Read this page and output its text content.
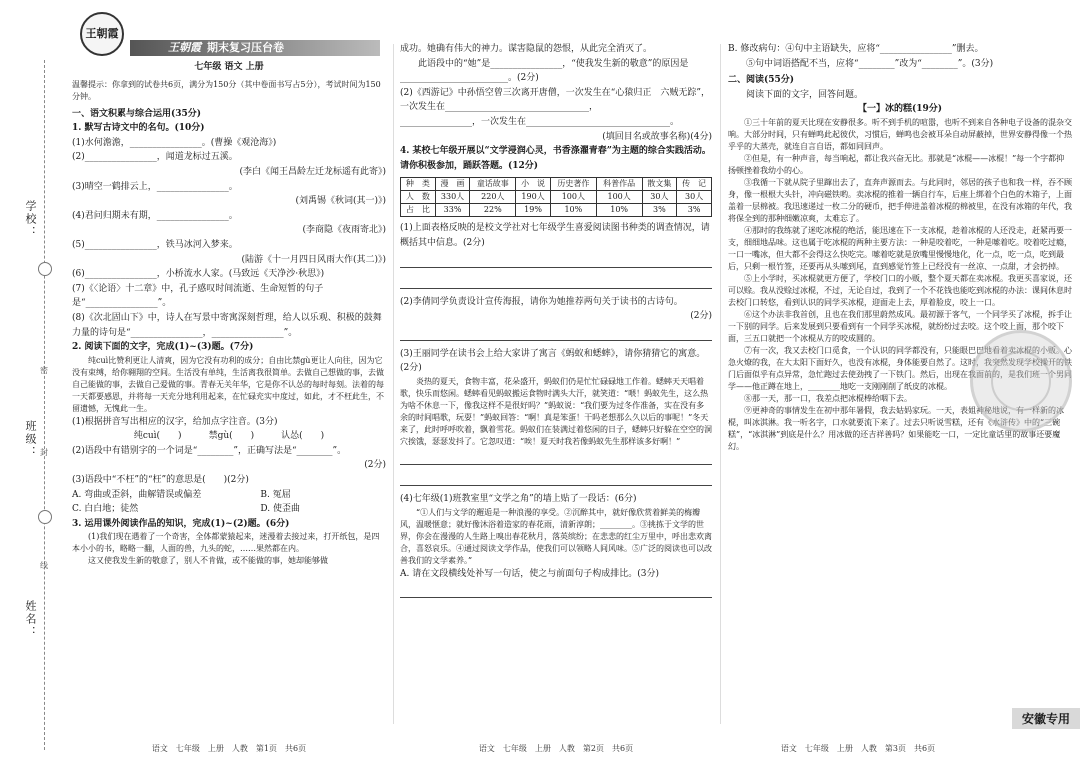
学校：
班级：
姓名：
密
封
线
王朝霞
王朝霞 期末复习压台卷
七年级 语文 上册
温馨提示：你拿到的试卷共6页，满分为150分（其中卷面书写占5分），考试时间为150分钟。
一、语文积累与综合运用(35分)
1. 默写古诗文中的名句。(10分)
(1)水何澹澹，________________。(曹操《观沧海》)
(2)________________，闻道龙标过五溪。
(李白《闻王昌龄左迁龙标遥有此寄》)
(3)晴空一鹤排云上，________________。
(刘禹锡《秋词(其一)》)
(4)君问归期未有期，________________。
(李商隐《夜雨寄北》)
(5)________________，铁马冰河入梦来。
(陆游《十一月四日风雨大作(其二)》)
(6)________________，小桥流水人家。(马致远《天净沙·秋思》)
(7)《〈论语〉十二章》中，孔子感叹时间流逝、生命短暂的句子是“________________”。
(8)《次北固山下》中，诗人在写景中寄寓深刻哲理，给人以乐观、积极的鼓舞力量的诗句是“________________，________________”。
2. 阅读下面的文字，完成(1)~(3)题。(7分)
纯cuì比赞利更让人清爽，因为它没有功利的成分；自由比禁gù更让人向往，因为它没有束缚，给你翱翔的空间。生活没有单纯，生活离我很简单。去做自己想做的事，去做自己能做的事，去做自己爱做的事。青春无关年华，它是你不认怂的每时每刻。法着的每一天都要感恩，并将每一天充分地利用起来，在忙碌充实中度过，如此，才不枉此生，不留遗憾，无愧此一生。
(1)根据拼音写出相应的汉字，给加点字注音。(3分)
纯cuì(　　)　　　禁gù(　　)　　　认怂(　　)
(2)语段中有错别字的一个词是“________”，正确写法是“________”。
(2分)
(3)语段中“不枉”的“枉”的意思是(　　)(2分)
A. 弯曲或歪斜，曲解错误或偏差	B. 冤屈
C. 白白地；徒然	D. 使歪曲
3. 运用课外阅读作品的知识，完成(1)~(2)题。(6分)
(1)我们现在遇着了一个奇害，全体都蒙猿起来，迷漫着去接过来，打开纸包，是四本小小的书，略略一翻，人面的兽，九头的蛇，……果然都在内。
这又使我发生新的敬意了，别人不肯做，或不能做的事，她却能够做
语文　七年级　上册　人教　第1页　共6页
成功。她确有伟大的神力。谋害隐鼠的怨恨，从此完全消灭了。
此语段中的“她”是________________，“使我发生新的敬意”的原因是________________________。(2分)
(2)《西游记》中孙悟空曾三次离开唐僧，一次发生在“心猿归正　六贼无踪”，一次发生在________________________________，
________________，一次发生在________________________________。
(填回目名或故事名称)(4分)
4. 某校七年级开展以“文学浸润心灵，书香涤濯青春”为主题的综合实践活动。请你积极参加，踊跃答题。(12分)
种　类	漫　画	童话故事	小　说	历史著作	科普作品	散文集	传　记
人　数	330人	220人	190人	100人	100人	30人	30人
占　比	33%	22%	19%	10%	10%	3%	3%
(1)上面表格反映的是校文学社对七年级学生喜爱阅读图书种类的调查情况，请概括其中信息。(2分)
(2)李倩同学负责设计宣传海报，请你为她推荐两句关于读书的古诗句。
(2分)
(3)王丽同学在读书会上给大家讲了寓言《蚂蚁和蟋蟀》，请你猜猜它的寓意。(2分)
炎热的夏天，食物丰富，花朵盛开，蚂蚁们仍是忙忙碌碌地工作着。蟋蟀天天唱着歌，快乐而悠闲。蟋蟀看见蚂蚁搬运食物时满头大汗，就笑道：“喂！蚂蚁先生，这么热为啥不休息一下，像我这样不是很好吗？”蚂蚁说：“我们要为过冬作准备，实在没有多余的时间唱歌，玩耍！”蚂蚁回答：“啊！真是笨蛋！干吗老想那么久以后的事呢！”冬天来了，此时呼呼吹着，飘着雪花。蚂蚁们在装满过着悠闲的日子，蟋蟀只好躲在空空的洞穴挨饿，瑟瑟发抖了。它忽叹道：“唉！夏天时我若像蚂蚁先生那样该多好啊！”
(4)七年级(1)班教室里“文学之角”的墙上贴了一段话：(6分)
“①人们与文学的邂逅是一种浪漫的享受。②沉醉其中，就好像欣赏着鲜美的梅瓣风，温暖惬意；就好像沐浴着造家的春花雨，清新淳朗；________。③挑拣于文学的世界，你会在漫漫的人生路上嗅出春花秋月，落英缤纷；在悲悲的红尘万里中，呼出悲欢离合，喜怒哀乐。④通过阅读文学作品，使我们可以领略人间风味。⑤广泛的阅读也可以改善我们的文学素养。”
A. 请在文段横线处补写一句话，使之与前面句子构成排比。(3分)
语文　七年级　上册　人教　第2页　共6页
B. 修改病句：④句中主语缺失，应将“________________”删去。
⑤句中词语搭配不当，应将“________”改为“________”。(3分)
二、阅读(55分)
阅读下面的文字，回答问题。
【一】冰的糕(19分)
①三十年前的夏天比现在安静很多。听不到手机的喧嚣，也听不到来自各种电子设备的混杂交响。大部分时间，只有蝉鸣此起彼伏，习惯后，蝉鸣也会被耳朵自动屏蔽掉，世界安静得像一个热乎乎的大蒸壳，就连自言自语，都如同回声。
②但是，有一种声音，每当响起，都让我兴奋无比。那就是“冰棍——冰棍！”每一个字都抑扬顿挫着我幼小的心。
③我循一下就从院子里蹿出去了，直奔声源而去。与此同时，邻居的孩子也和我一样，吞不顾身，像一根根大头针，冲向磁铁哟。卖冰棍的推着一辆自行车，后座上绑着个白色的木箱子，上面盖着一层棉被。我迅速递过一枚二分的硬币，把手伸进盖着冰棍的棉被里，在没有冰箱的年代，我将保全到的那种细嫩凉爽，太难忘了。
④那时的我练就了迷吃冰棍的绝活，能迅速在下一支冰棍，趁着冰棍的人还没走，赶紧再要一支，细细地品味。这也属于吃冰棍的两种主要方法：一种是咬着吃，一种是嗦着吃。咬着吃过瘾，一口一嘴冰，但大都不会得这么快吃完。嗦着吃就是放嘴里慢慢地化，化一点，吃一点，吃到最后，只剩一根竹签，还要再从头嗦到尾，直到感觉竹签上已经没有一丝凉、一点甜，才会扔掉。
⑤上小学时，买冰棍就更方便了，学校门口的小贩，整个夏天都在卖冰棍。我更买喜家说，还可以赊。我从没赊过冰棍，不过，无论自过，我到了一个不花钱也能吃到冰棍的办法：课间休息时去校门口转悠，看到认识的同学买冰棍，迎面走上去，厚着脸皮，咬上一口。
⑥这个办法非我首创，且也在我们那里蔚然成风。最初源于客气，一个同学买了冰棍，拆手让一下别的同学。后来发展到只要看到有一个同学买冰棍，就纷纷过去咬。这个咬上面，那个咬下面，三五口就把一个冰棍从方的咬成圆的。
⑦有一次，我又去校门口觅食，一个认识的同学都没有，只能眼巴巴地看着卖冰棍的小贩。心急火燎的我，在大太阳下面好久，也没有冰棍，身体能要自然了。这时，我突然发现学校操开的铁门后面似乎有点异常，急忙跑过去使劲拽了一下铁门。然后，出现在我面前的，是我们班一个男同学——他正蹲在地上，________地吃一支刚刚削了纸皮的冰棍。
⑧那一天，那一口，我差点把冰棍棒给咽下去。
⑨更神奇的事情发生在初中那年暑假，我去姑妈家玩。一天，表姐神秘地说，有一样新的冰棍，叫冰淇淋。我一听名字，口水就要流下来了。过去只听说雪糕，还有《水浒传》中的“三碗糕”，“冰淇淋”到底是什么？用冰做的还吉祥善吗？如果能吃一口，一定比童话里的故事还要魔幻。
语文　七年级　上册　人教　第3页　共6页
安徽专用
